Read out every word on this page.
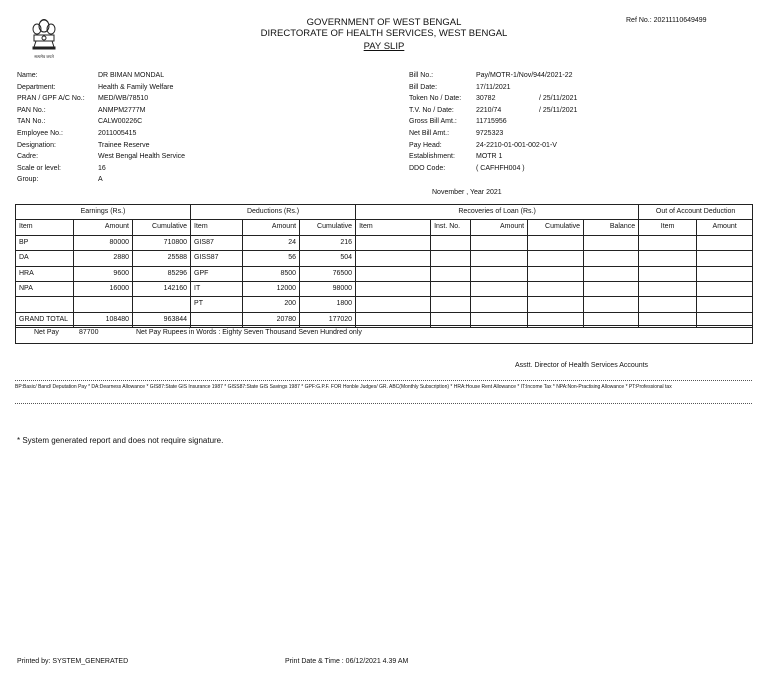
सत्यमेव जयते
GOVERNMENT OF WEST BENGAL
DIRECTORATE OF HEALTH SERVICES, WEST BENGAL
PAY SLIP
Ref No.: 20211110649499
Name:	DR BIMAN MONDAL
Department:	Health & Family Welfare
PRAN / GPF A/C No.: MED/WB/78510
PAN No.:	ANMPM2777M
TAN No.:	CALW00226C
Employee No.:	2011005415
Designation:	Trainee Reserve
Cadre:	West Bengal Health Service
Scale or level:	16
Group:	A
Bill No.:	Pay/MOTR-1/Nov/944/2021-22
Bill Date:	17/11/2021
Token No / Date: 30782	/ 25/11/2021
T.V. No / Date:	2210/74	/ 25/11/2021
Gross Bill Amt.:	11715956
Net Bill Amt.:	9725323
Pay Head:	24-2210-01-001-002-01-V
Establishment:	MOTR 1
DDO Code:	( CAFHFH004 )
November , Year 2021
Earnings (Rs.)			Deductions (Rs.)			Recoveries of Loan (Rs.)					Out of Account Deduction	
Item	Amount	Cumulative	Item	Amount	Cumulative	Item	Inst. No.	Amount	Cumulative	Balance	Item	Amount
BP	80000	710800	GIS87	24	216							
DA	2880	25588	GISS87	56	504							
HRA	9600	85296	GPF	8500	76500							
NPA	16000	142160	IT	12000	98000							
			PT	200	1800							
GRAND TOTAL	108480	963844		20780	177020							
Net Pay	87700	Net Pay Rupees in Words : Eighty Seven Thousand Seven Hundred only
Asstt. Director of Health Services Accounts
BP:Basic/ Band/ Deputation Pay * DA:Dearness Allowance * GIS87:State GIS Insurance 1987 * GISS87:State GIS Savings 1987 * GPF:G.P.F. FOR Honble Judges/ GR. ABC(Monthly Subscription) * HRA:House Rent Allowance * IT:Income Tax * NPA:Non-Practising Allowance * PT:Professional tax
* System generated report and does not require signature.
Printed by: SYSTEM_GENERATED	Print Date & Time : 06/12/2021 4.39 AM
